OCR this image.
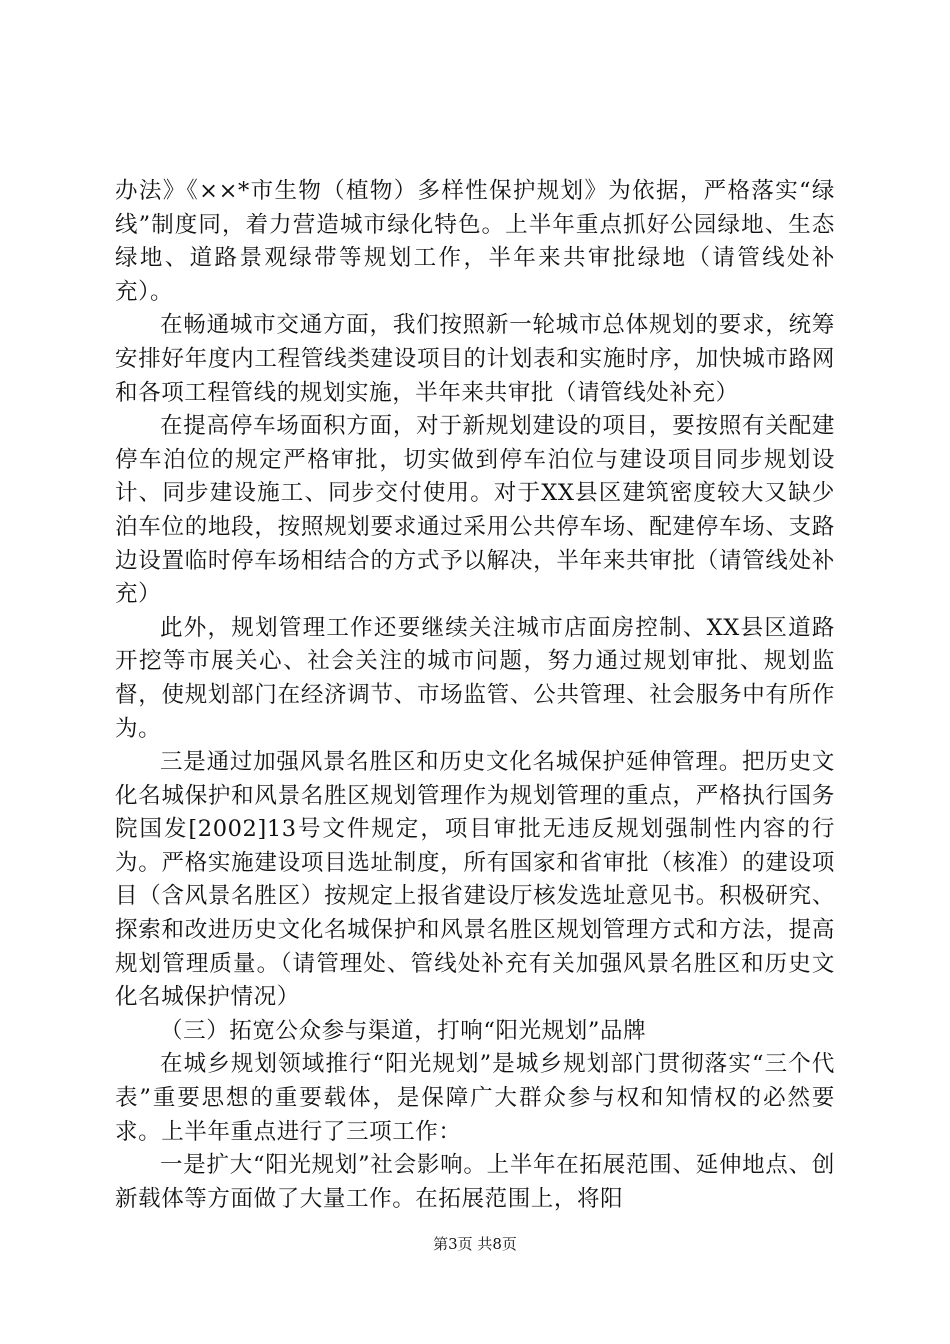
办法》《××*市生物（植物）多样性保护规划》为依据，严格落实“绿线”制度同，着力营造城市绿化特色。上半年重点抓好公园绿地、生态绿地、道路景观绿带等规划工作，半年来共审批绿地（请管线处补充）。

在畅通城市交通方面，我们按照新一轮城市总体规划的要求，统筹安排好年度内工程管线类建设项目的计划表和实施时序，加快城市路网和各项工程管线的规划实施，半年来共审批（请管线处补充）

在提高停车场面积方面，对于新规划建设的项目，要按照有关配建停车泊位的规定严格审批，切实做到停车泊位与建设项目同步规划设计、同步建设施工、同步交付使用。对于XX县区建筑密度较大又缺少泊车位的地段，按照规划要求通过采用公共停车场、配建停车场、支路边设置临时停车场相结合的方式予以解决，半年来共审批（请管线处补充）

此外，规划管理工作还要继续关注城市店面房控制、XX县区道路开挖等市展关心、社会关注的城市问题，努力通过规划审批、规划监督，使规划部门在经济调节、市场监管、公共管理、社会服务中有所作为。

三是通过加强风景名胜区和历史文化名城保护延伸管理。把历史文化名城保护和风景名胜区规划管理作为规划管理的重点，严格执行国务院国发[2002]13号文件规定，项目审批无违反规划强制性内容的行为。严格实施建设项目选址制度，所有国家和省审批（核准）的建设项目（含风景名胜区）按规定上报省建设厅核发选址意见书。积极研究、探索和改进历史文化名城保护和风景名胜区规划管理方式和方法，提高规划管理质量。（请管理处、管线处补充有关加强风景名胜区和历史文化名城保护情况）

（三）拓宽公众参与渠道，打响“阳光规划”品牌

在城乡规划领域推行“阳光规划”是城乡规划部门贯彻落实“三个代表”重要思想的重要载体，是保障广大群众参与权和知情权的必然要求。上半年重点进行了三项工作：

一是扩大“阳光规划”社会影响。上半年在拓展范围、延伸地点、创新载体等方面做了大量工作。在拓展范围上，将阳

第3页 共8页
